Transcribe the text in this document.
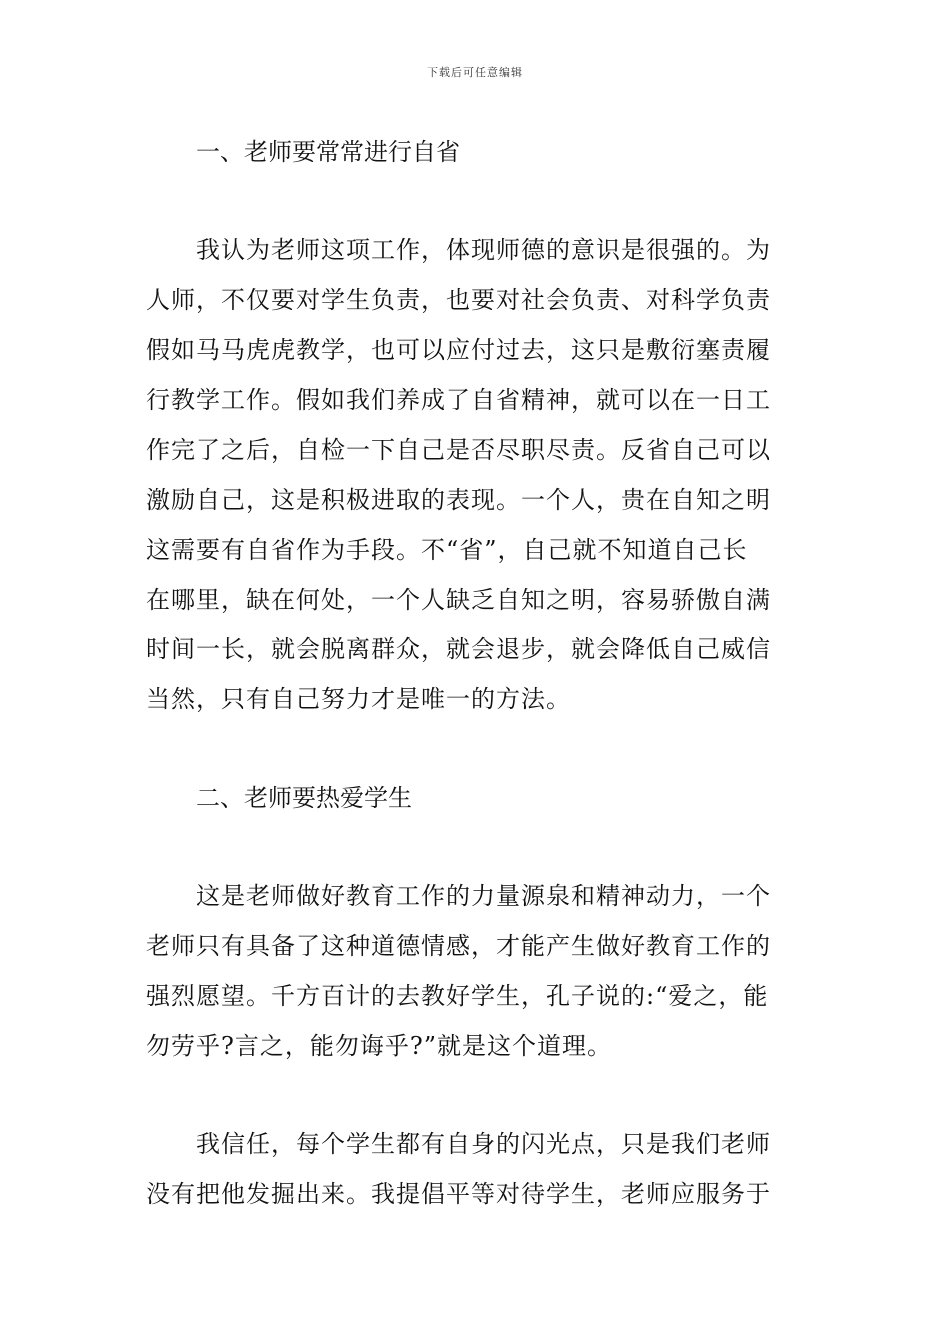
下载后可任意编辑
一、老师要常常进行自省
我认为老师这项工作，体现师德的意识是很强的。为
人师，不仅要对学生负责，也要对社会负责、对科学负责
假如马马虎虎教学，也可以应付过去，这只是敷衍塞责履
行教学工作。假如我们养成了自省精神，就可以在一日工
作完了之后，自检一下自己是否尽职尽责。反省自己可以
激励自己，这是积极进取的表现。一个人，贵在自知之明
这需要有自省作为手段。不“省”，自己就不知道自己长
在哪里，缺在何处，一个人缺乏自知之明，容易骄傲自满
时间一长，就会脱离群众，就会退步，就会降低自己威信
当然，只有自己努力才是唯一的方法。
二、老师要热爱学生
这是老师做好教育工作的力量源泉和精神动力，一个
老师只有具备了这种道德情感，才能产生做好教育工作的
强烈愿望。千方百计的去教好学生，孔子说的:“爱之，能
勿劳乎?言之，能勿诲乎?”就是这个道理。
我信任，每个学生都有自身的闪光点，只是我们老师
没有把他发掘出来。我提倡平等对待学生，老师应服务于
